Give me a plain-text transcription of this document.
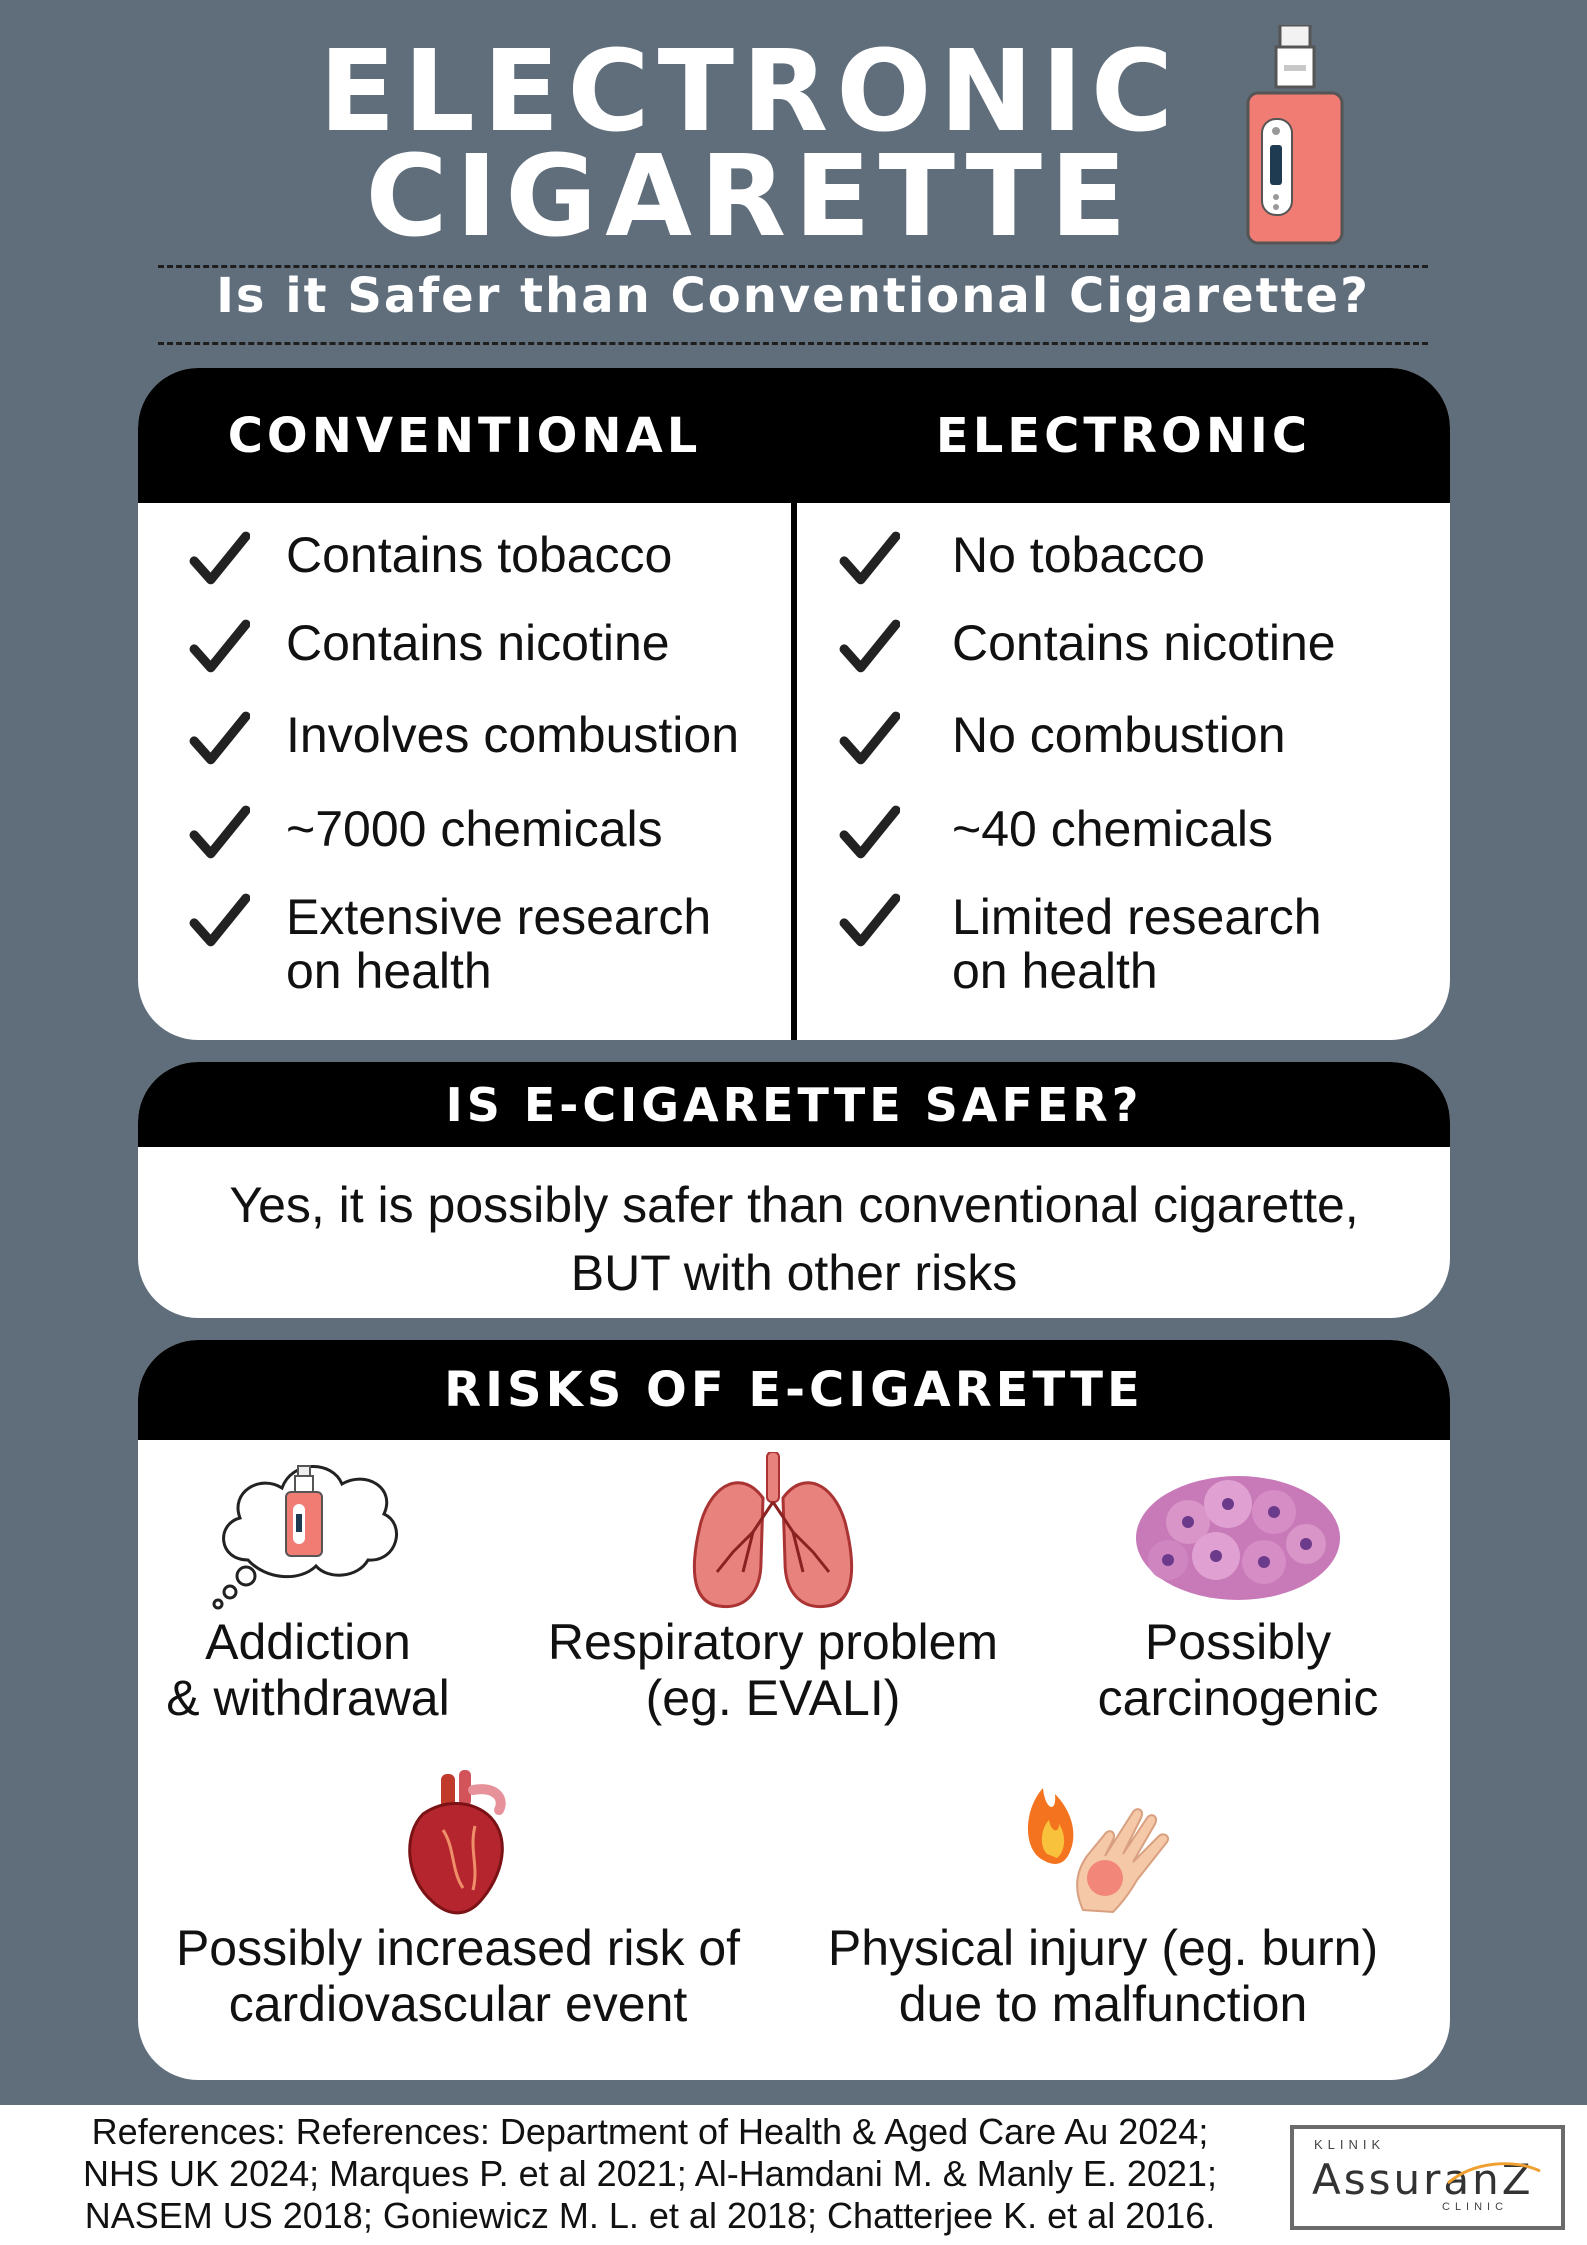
ELECTRONIC
CIGARETTE
Is it Safer than Conventional Cigarette?
CONVENTIONAL	ELECTRONIC
Contains tobacco
Contains nicotine
Involves combustion
~7000 chemicals
Extensive research on health
No tobacco
Contains nicotine
No combustion
~40 chemicals
Limited research on health
IS E-CIGARETTE SAFER?
Yes, it is possibly safer than conventional cigarette,
BUT with other risks
RISKS OF E-CIGARETTE
Addiction
& withdrawal
Respiratory problem
(eg. EVALI)
Possibly
carcinogenic
Possibly increased risk of
cardiovascular event
Physical injury (eg. burn)
due to malfunction
References: References: Department of Health & Aged Care Au 2024;
NHS UK 2024; Marques P. et al 2021; Al-Hamdani M. & Manly E. 2021;
NASEM US 2018; Goniewicz M. L. et al 2018; Chatterjee K. et al 2016.
KLINIK
AssuranZ
CLINIC
